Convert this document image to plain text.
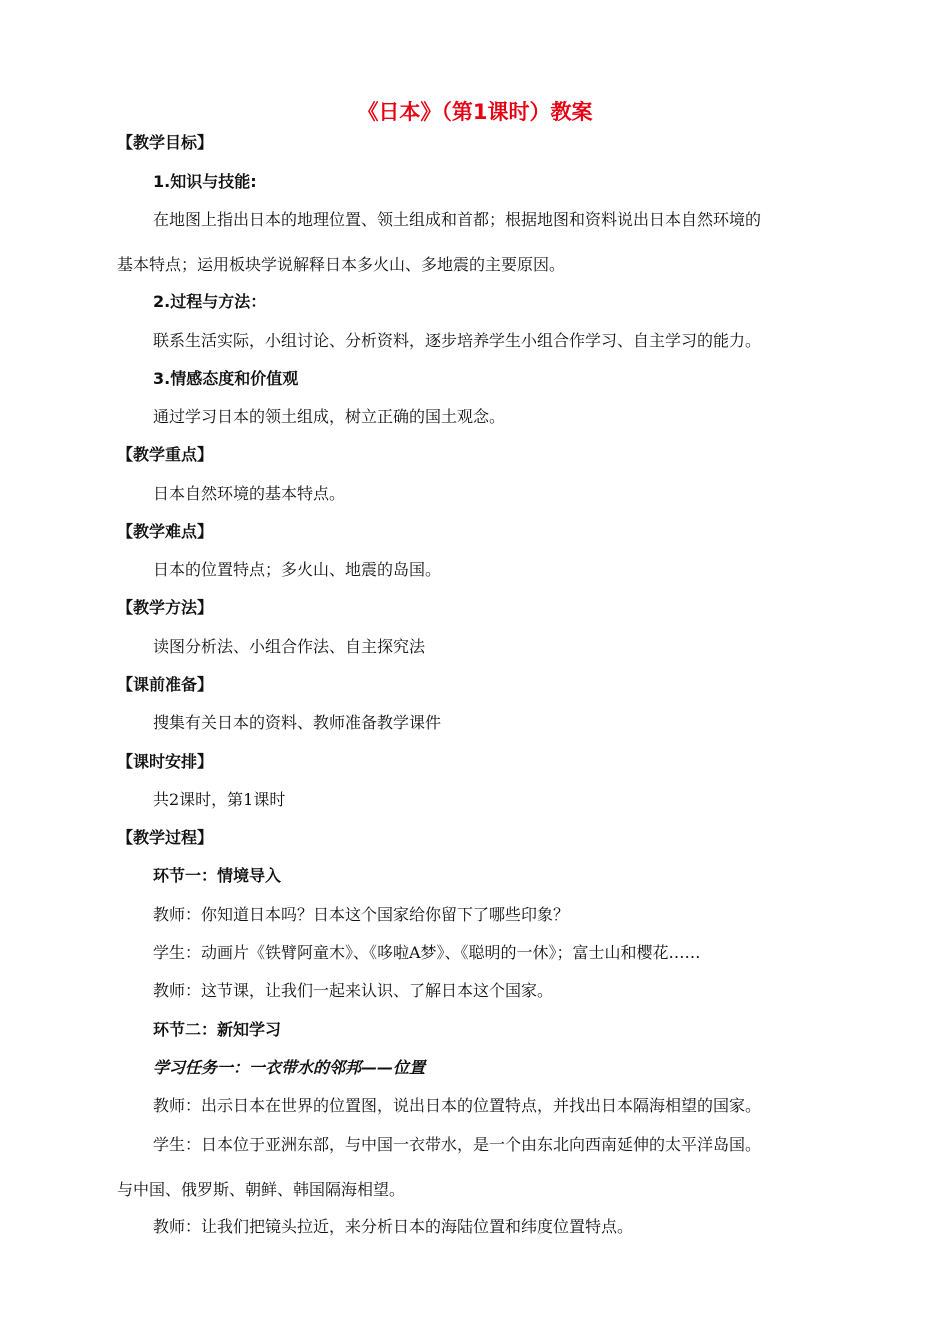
《日本》（第1课时）教案
【教学目标】
1.知识与技能:
在地图上指出日本的地理位置、领土组成和首都；根据地图和资料说出日本自然环境的
基本特点；运用板块学说解释日本多火山、多地震的主要原因。
2.过程与方法：
联系生活实际，小组讨论、分析资料，逐步培养学生小组合作学习、自主学习的能力。
3.情感态度和价值观
通过学习日本的领土组成，树立正确的国土观念。
【教学重点】
日本自然环境的基本特点。
【教学难点】
日本的位置特点；多火山、地震的岛国。
【教学方法】
读图分析法、小组合作法、自主探究法
【课前准备】
搜集有关日本的资料、教师准备教学课件
【课时安排】
共2课时，第1课时
【教学过程】
环节一：情境导入
教师：你知道日本吗？日本这个国家给你留下了哪些印象？
学生：动画片《铁臂阿童木》、《哆啦A梦》、《聪明的一休》；富士山和樱花……
教师：这节课，让我们一起来认识、了解日本这个国家。
环节二：新知学习
学习任务一：一衣带水的邻邦——位置
教师：出示日本在世界的位置图，说出日本的位置特点，并找出日本隔海相望的国家。
学生：日本位于亚洲东部，与中国一衣带水，是一个由东北向西南延伸的太平洋岛国。
与中国、俄罗斯、朝鲜、韩国隔海相望。
教师：让我们把镜头拉近，来分析日本的海陆位置和纬度位置特点。
